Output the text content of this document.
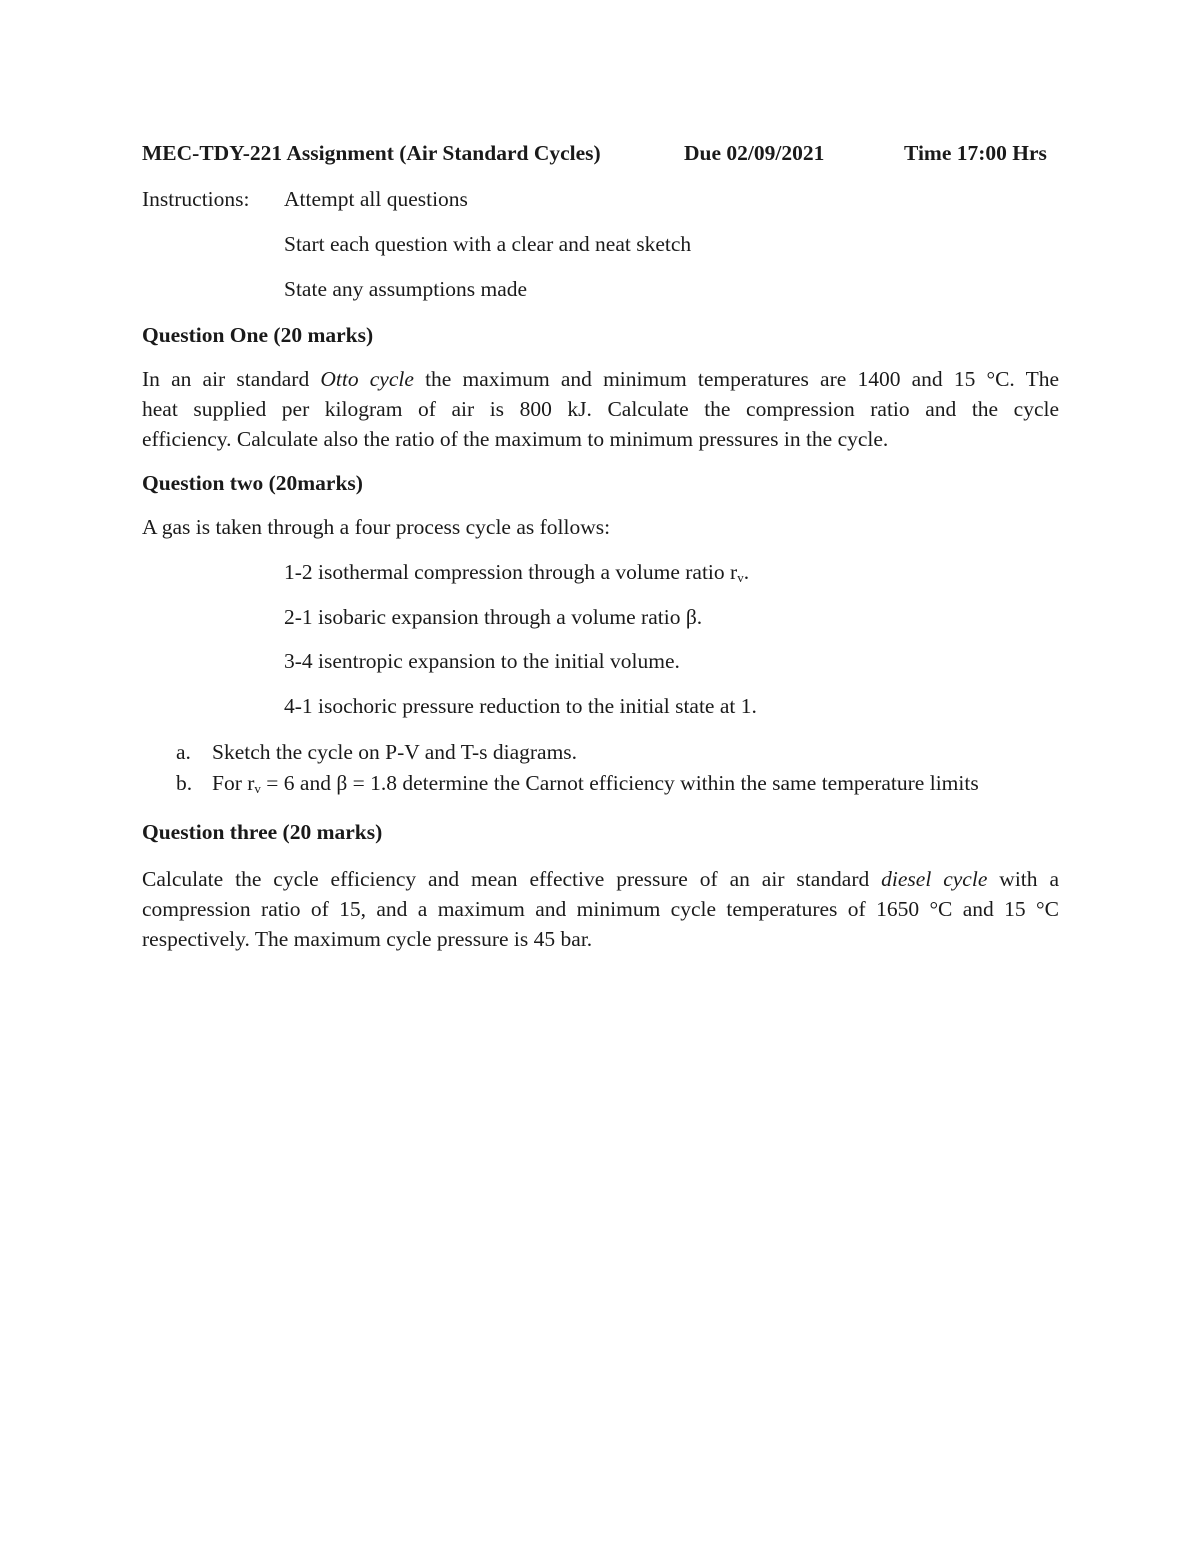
MEC-TDY-221 Assignment (Air Standard Cycles)	Due 02/09/2021	Time 17:00 Hrs
Instructions: Attempt all questions
Start each question with a clear and neat sketch
State any assumptions made
Question One (20 marks)
In an air standard Otto cycle the maximum and minimum temperatures are 1400 and 15 °C. The
heat supplied per kilogram of air is 800 kJ. Calculate the compression ratio and the cycle
efficiency. Calculate also the ratio of the maximum to minimum pressures in the cycle.
Question two (20marks)
A gas is taken through a four process cycle as follows:
1-2 isothermal compression through a volume ratio $r_v$.
2-1 isobaric expansion through a volume ratio β.
3-4 isentropic expansion to the initial volume.
4-1 isochoric pressure reduction to the initial state at 1.
a. Sketch the cycle on P-V and T-s diagrams.
b. For $r_v = 6$ and β = 1.8 determine the Carnot efficiency within the same temperature limits
Question three (20 marks)
Calculate the cycle efficiency and mean effective pressure of an air standard diesel cycle with a
compression ratio of 15, and a maximum and minimum cycle temperatures of 1650 °C and 15 °C
respectively. The maximum cycle pressure is 45 bar.
